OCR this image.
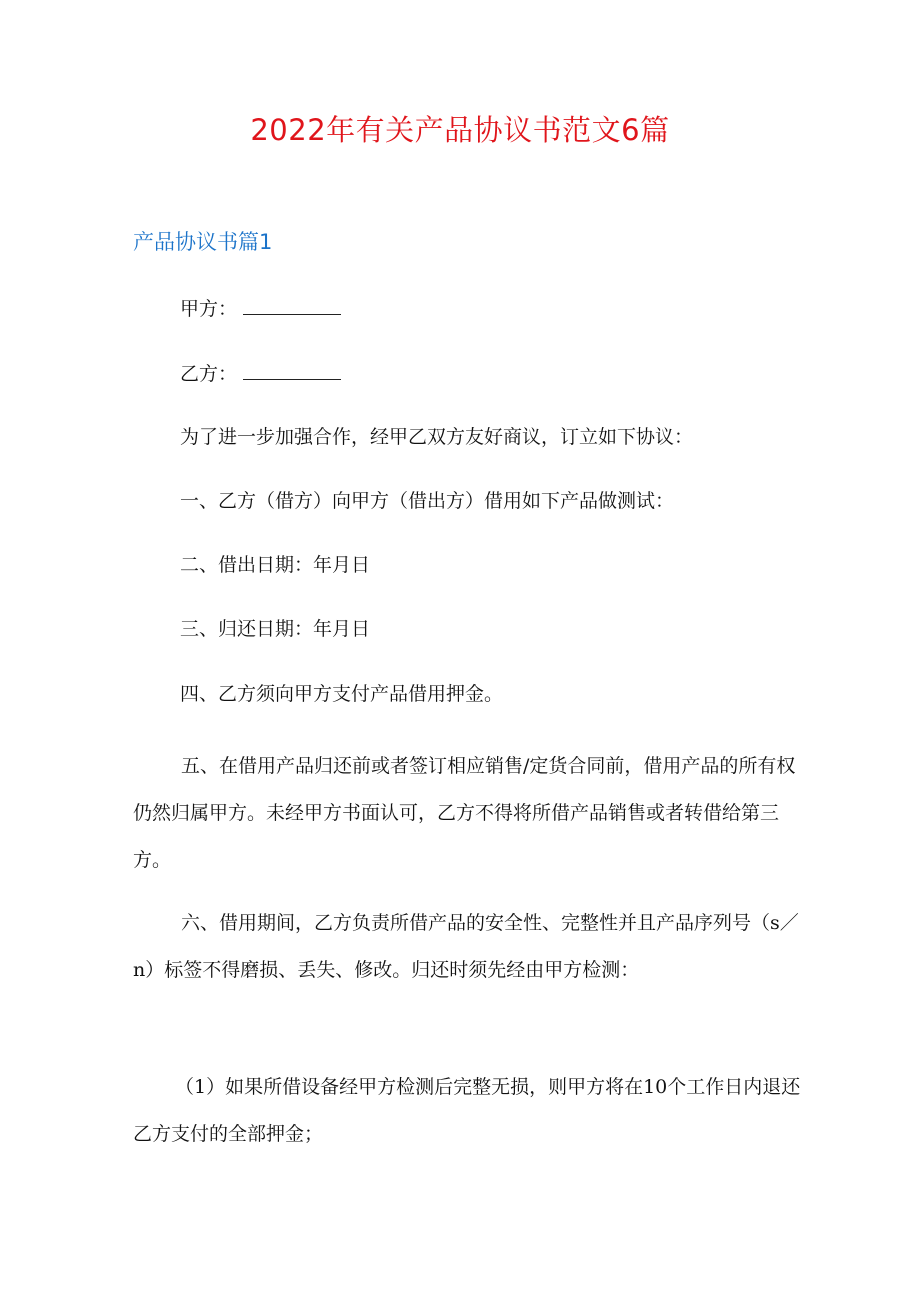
2022年有关产品协议书范文6篇
产品协议书篇1
甲方：
乙方：
为了进一步加强合作，经甲乙双方友好商议，订立如下协议：
一、乙方（借方）向甲方（借出方）借用如下产品做测试：
二、借出日期：年月日
三、归还日期：年月日
四、乙方须向甲方支付产品借用押金。

五、在借用产品归还前或者签订相应销售/定货合同前，借用产品的所有权仍然归属甲方。未经甲方书面认可，乙方不得将所借产品销售或者转借给第三方。

六、借用期间，乙方负责所借产品的安全性、完整性并且产品序列号（s／n）标签不得磨损、丢失、修改。归还时须先经由甲方检测：

（1）如果所借设备经甲方检测后完整无损，则甲方将在10个工作日内退还乙方支付的全部押金；
